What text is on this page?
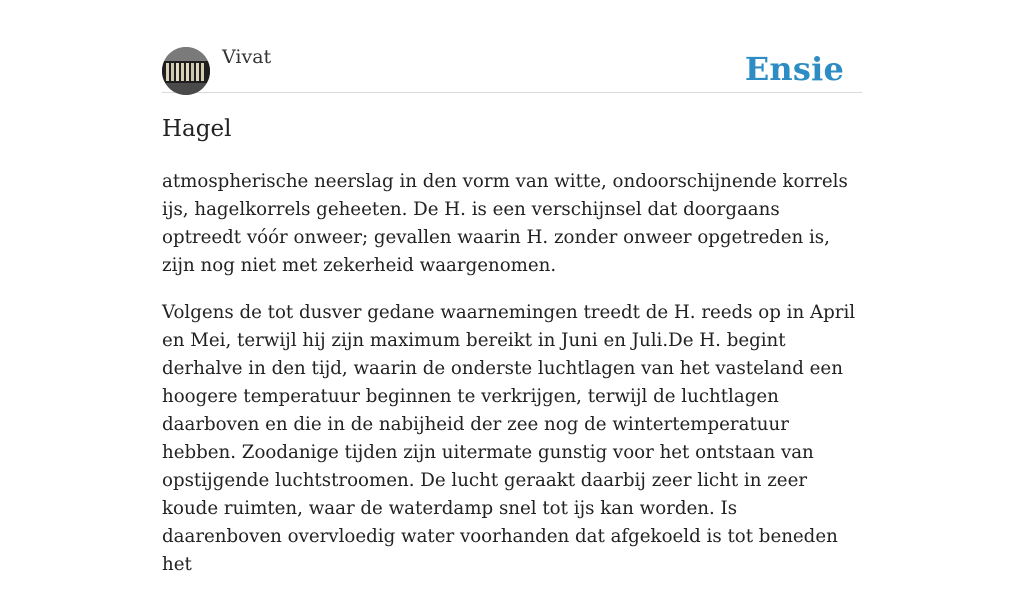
Vivat	Ensie
Hagel

atmospherische neerslag in den vorm van witte, ondoorschijnende korrels ijs, hagelkorrels geheeten. De H. is een verschijnsel dat doorgaans optreedt vóór onweer; gevallen waarin H. zonder onweer opgetreden is, zijn nog niet met zekerheid waargenomen.

Volgens de tot dusver gedane waarnemingen treedt de H. reeds op in April en Mei, terwijl hij zijn maximum bereikt in Juni en Juli.De H. begint derhalve in den tijd, waarin de onderste luchtlagen van het vasteland een hoogere temperatuur beginnen te verkrijgen, terwijl de luchtlagen daarboven en die in de nabijheid der zee nog de wintertemperatuur hebben. Zoodanige tijden zijn uitermate gunstig voor het ontstaan van opstijgende luchtstroomen. De lucht geraakt daarbij zeer licht in zeer koude ruimten, waar de waterdamp snel tot ijs kan worden. Is daarenboven overvloedig water voorhanden dat afgekoeld is tot beneden het
